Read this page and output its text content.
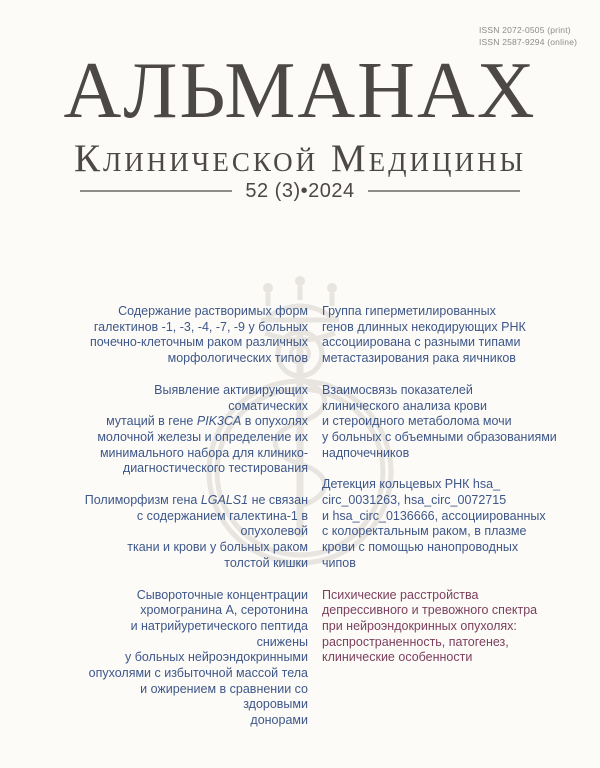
ISSN 2072-0505 (print)
ISSN 2587-9294 (online)
АЛЬМАНАХ
Клинической Медицины
52 (3)•2024
Содержание растворимых форм
галектинов -1, -3, -4, -7, -9 у больных
почечно-клеточным раком различных
морфологических типов
Выявление активирующих соматических
мутаций в гене PIK3CA в опухолях
молочной железы и определение их
минимального набора для клинико-
диагностического тестирования
Полиморфизм гена LGALS1 не связан
с содержанием галектина-1 в опухолевой
ткани и крови у больных раком
толстой кишки
Сывороточные концентрации
хромогранина А, серотонина
и натрийуретического пептида снижены
у больных нейроэндокринными
опухолями с избыточной массой тела
и ожирением в сравнении со здоровыми
донорами
Группа гиперметилированных
генов длинных некодирующих РНК
ассоциирована с разными типами
метастазирования рака яичников
Взаимосвязь показателей
клинического анализа крови
и стероидного метаболома мочи
у больных с объемными образованиями
надпочечников
Детекция кольцевых РНК hsa_
circ_0031263, hsa_circ_0072715
и hsa_circ_0136666, ассоциированных
с колоректальным раком, в плазме
крови с помощью нанопроводных
чипов
Психические расстройства
депрессивного и тревожного спектра
при нейроэндокринных опухолях:
распространенность, патогенез,
клинические особенности
